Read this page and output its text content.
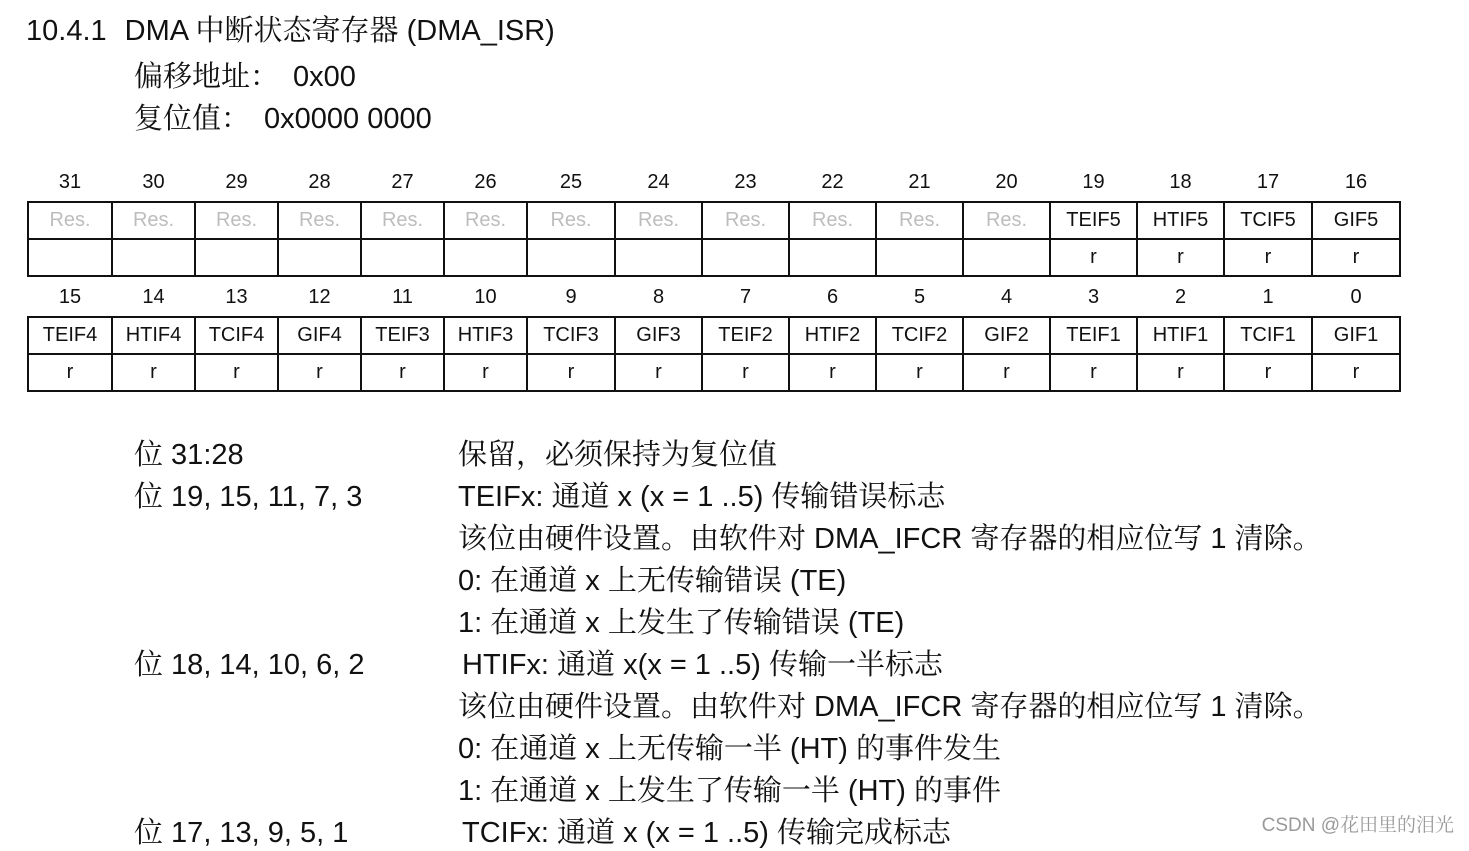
10.4.1 DMA 中断状态寄存器 (DMA_ISR)
偏移地址： 0x00
复位值： 0x0000 0000
31	30	29	28	27	26	25	24	23	22	21	20	19	18	17	16
Res.	Res.	Res.	Res.	Res.	Res.	Res.	Res.	Res.	Res.	Res.	Res.	TEIF5	HTIF5	TCIF5	GIF5
												r	r	r	r
15	14	13	12	11	10	9	8	7	6	5	4	3	2	1	0
TEIF4	HTIF4	TCIF4	GIF4	TEIF3	HTIF3	TCIF3	GIF3	TEIF2	HTIF2	TCIF2	GIF2	TEIF1	HTIF1	TCIF1	GIF1
r	r	r	r	r	r	r	r	r	r	r	r	r	r	r	r
位 31:28	保留，必须保持为复位值
位 19, 15, 11, 7, 3	TEIFx: 通道 x (x = 1 ..5) 传输错误标志
该位由硬件设置。由软件对 DMA_IFCR 寄存器的相应位写 1 清除。
0: 在通道 x 上无传输错误 (TE)
1: 在通道 x 上发生了传输错误 (TE)
位 18, 14, 10, 6, 2	HTIFx: 通道 x(x = 1 ..5) 传输一半标志
该位由硬件设置。由软件对 DMA_IFCR 寄存器的相应位写 1 清除。
0: 在通道 x 上无传输一半 (HT) 的事件发生
1: 在通道 x 上发生了传输一半 (HT) 的事件
位 17, 13, 9, 5, 1	TCIFx: 通道 x (x = 1 ..5) 传输完成标志	CSDN @花田里的泪光
